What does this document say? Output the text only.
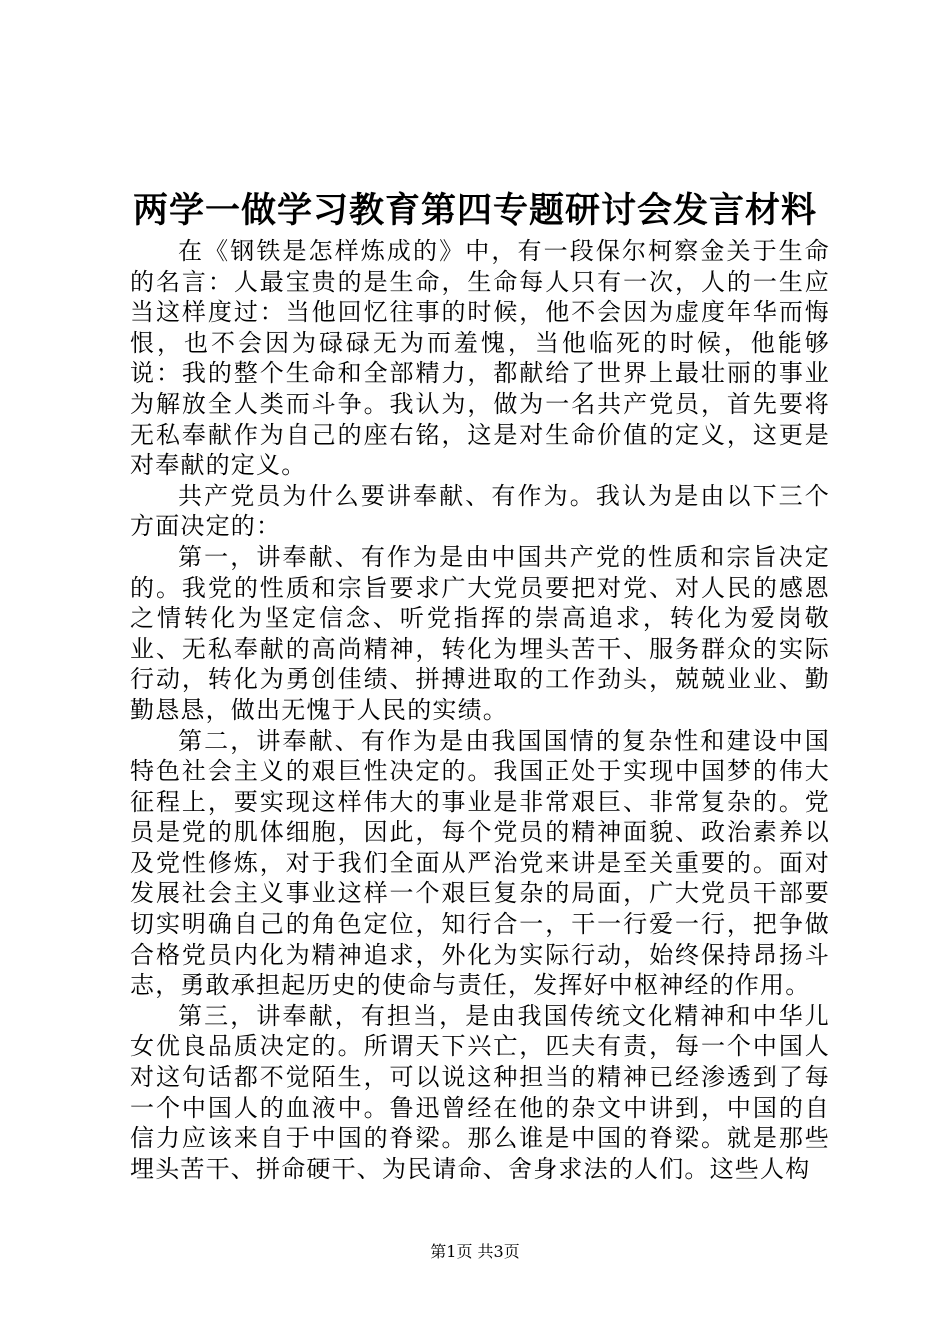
两学一做学习教育第四专题研讨会发言材料

在《钢铁是怎样炼成的》中，有一段保尔柯察金关于生命的名言：人最宝贵的是生命，生命每人只有一次，人的一生应当这样度过：当他回忆往事的时候，他不会因为虚度年华而悔恨，也不会因为碌碌无为而羞愧，当他临死的时候，他能够说：我的整个生命和全部精力，都献给了世界上最壮丽的事业为解放全人类而斗争。我认为，做为一名共产党员，首先要将无私奉献作为自己的座右铭，这是对生命价值的定义，这更是对奉献的定义。

共产党员为什么要讲奉献、有作为。我认为是由以下三个方面决定的：

第一，讲奉献、有作为是由中国共产党的性质和宗旨决定的。我党的性质和宗旨要求广大党员要把对党、对人民的感恩之情转化为坚定信念、听党指挥的崇高追求，转化为爱岗敬业、无私奉献的高尚精神，转化为埋头苦干、服务群众的实际行动，转化为勇创佳绩、拼搏进取的工作劲头，兢兢业业、勤勤恳恳，做出无愧于人民的实绩。

第二，讲奉献、有作为是由我国国情的复杂性和建设中国特色社会主义的艰巨性决定的。我国正处于实现中国梦的伟大征程上，要实现这样伟大的事业是非常艰巨、非常复杂的。党员是党的肌体细胞，因此，每个党员的精神面貌、政治素养以及党性修炼，对于我们全面从严治党来讲是至关重要的。面对发展社会主义事业这样一个艰巨复杂的局面，广大党员干部要切实明确自己的角色定位，知行合一，干一行爱一行，把争做合格党员内化为精神追求，外化为实际行动，始终保持昂扬斗志，勇敢承担起历史的使命与责任，发挥好中枢神经的作用。

第三，讲奉献，有担当，是由我国传统文化精神和中华儿女优良品质决定的。所谓天下兴亡，匹夫有责，每一个中国人对这句话都不觉陌生，可以说这种担当的精神已经渗透到了每一个中国人的血液中。鲁迅曾经在他的杂文中讲到，中国的自信力应该来自于中国的脊梁。那么谁是中国的脊梁。就是那些埋头苦干、拼命硬干、为民请命、舍身求法的人们。这些人构

第1页 共3页
